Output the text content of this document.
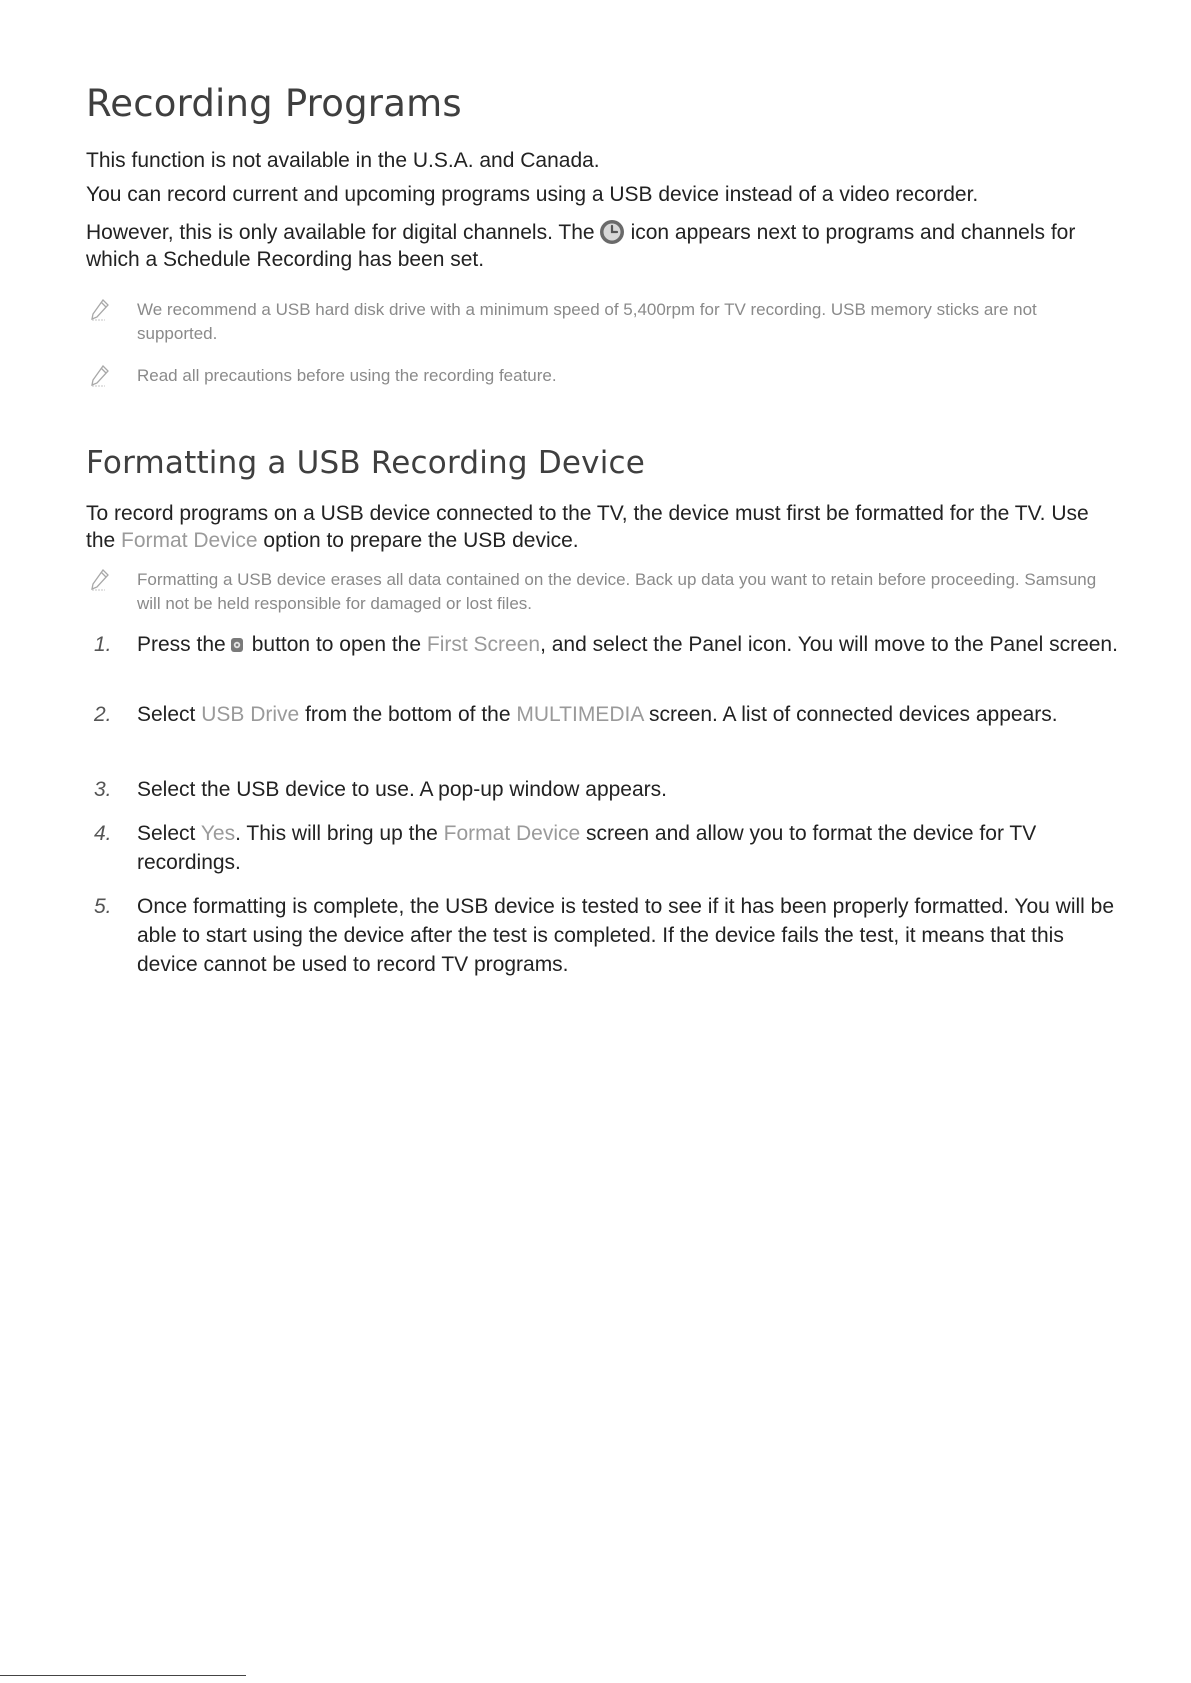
Recording Programs

This function is not available in the U.S.A. and Canada.

You can record current and upcoming programs using a USB device instead of a video recorder.

However, this is only available for digital channels. The icon appears next to programs and channels for which a Schedule Recording has been set.

We recommend a USB hard disk drive with a minimum speed of 5,400rpm for TV recording. USB memory sticks are not supported.
Read all precautions before using the recording feature.
Formatting a USB Recording Device

To record programs on a USB device connected to the TV, the device must first be formatted for the TV. Use the Format Device option to prepare the USB device.

Formatting a USB device erases all data contained on the device. Back up data you want to retain before proceeding. Samsung will not be held responsible for damaged or lost files.
1. Press the button to open the First Screen, and select the Panel icon. You will move to the Panel screen.
2. Select USB Drive from the bottom of the MULTIMEDIA screen. A list of connected devices appears.
3. Select the USB device to use. A pop-up window appears.
4. Select Yes. This will bring up the Format Device screen and allow you to format the device for TV recordings.
5. Once formatting is complete, the USB device is tested to see if it has been properly formatted. You will be able to start using the device after the test is completed. If the device fails the test, it means that this device cannot be used to record TV programs.
